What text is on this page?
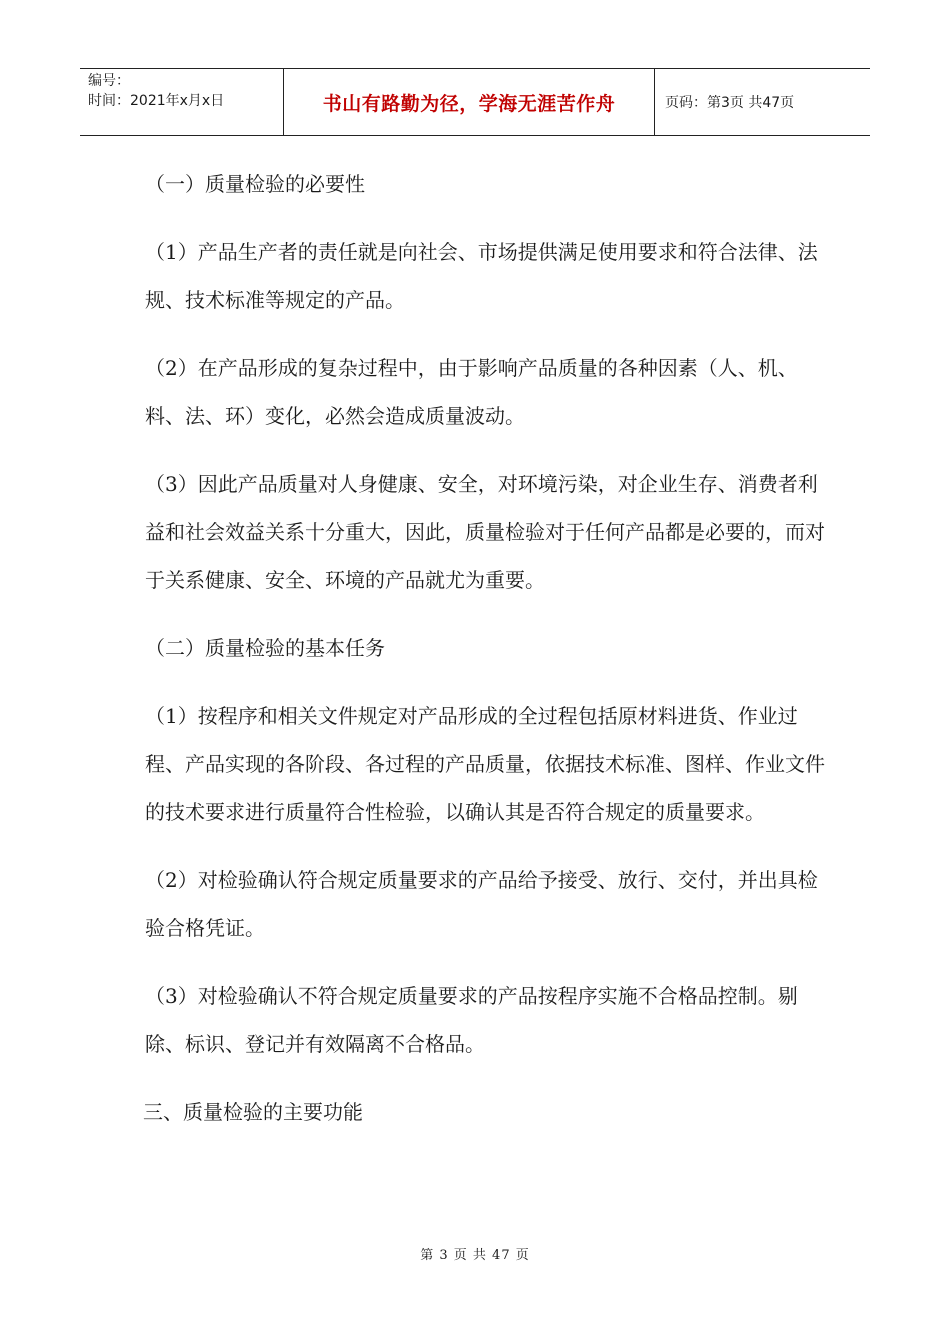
编号：
时间：2021年x月x日	书山有路勤为径，学海无涯苦作舟	页码：第3页 共47页

（一）质量检验的必要性

（1）产品生产者的责任就是向社会、市场提供满足使用要求和符合法律、法规、技术标准等规定的产品。

（2）在产品形成的复杂过程中，由于影响产品质量的各种因素（人、机、料、法、环）变化，必然会造成质量波动。

（3）因此产品质量对人身健康、安全，对环境污染，对企业生存、消费者利益和社会效益关系十分重大，因此，质量检验对于任何产品都是必要的，而对于关系健康、安全、环境的产品就尤为重要。

（二）质量检验的基本任务

（1）按程序和相关文件规定对产品形成的全过程包括原材料进货、作业过程、产品实现的各阶段、各过程的产品质量，依据技术标准、图样、作业文件的技术要求进行质量符合性检验，以确认其是否符合规定的质量要求。

（2）对检验确认符合规定质量要求的产品给予接受、放行、交付，并出具检验合格凭证。

（3）对检验确认不符合规定质量要求的产品按程序实施不合格品控制。剔除、标识、登记并有效隔离不合格品。

三、质量检验的主要功能

第 3 页 共 47 页
